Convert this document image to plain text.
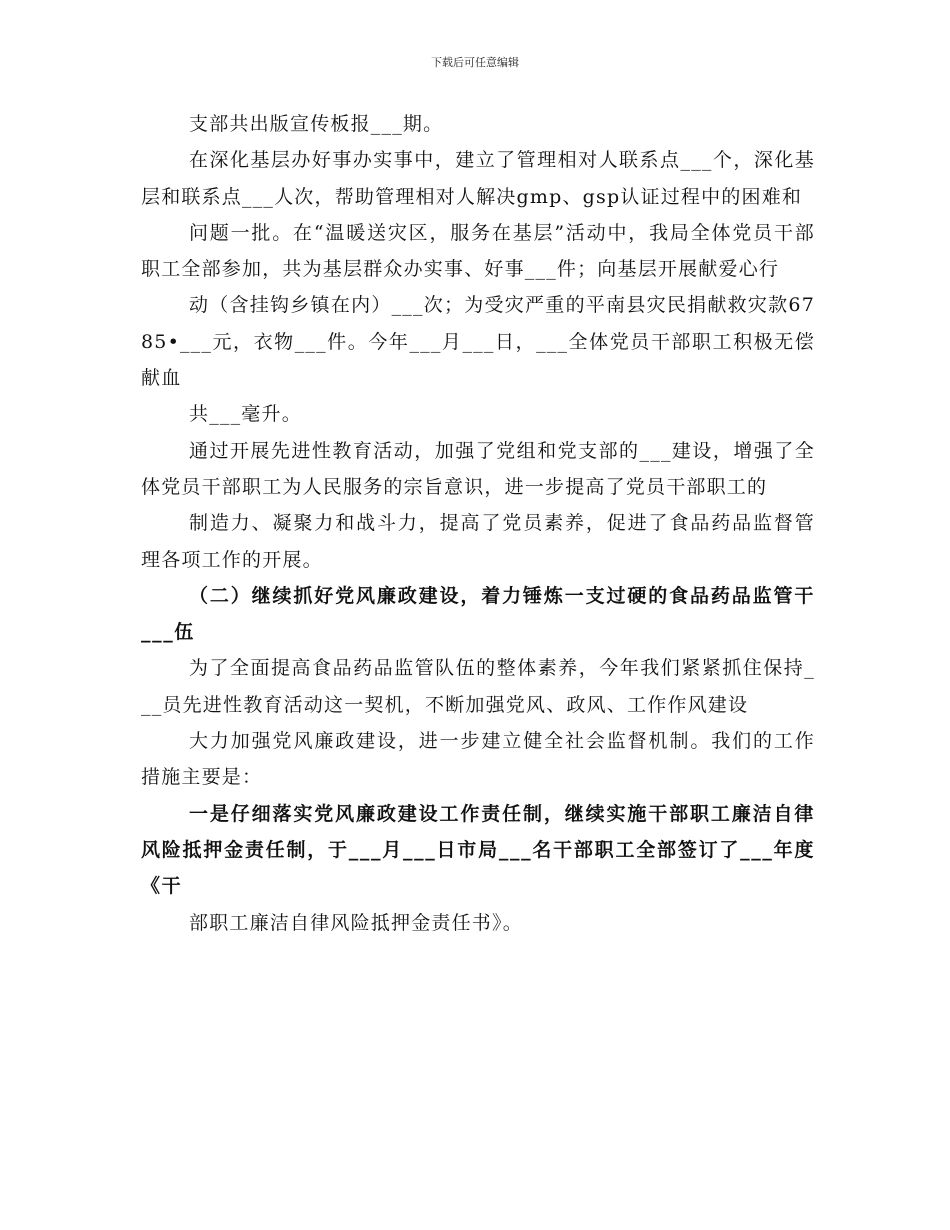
下载后可任意编辑

支部共出版宣传板报___期。

在深化基层办好事办实事中，建立了管理相对人联系点___个，深化基层和联系点___人次，帮助管理相对人解决gmp、gsp认证过程中的困难和

问题一批。在“温暖送灾区，服务在基层”活动中，我局全体党员干部职工全部参加，共为基层群众办实事、好事___件；向基层开展献爱心行

动（含挂钩乡镇在内）___次；为受灾严重的平南县灾民捐献救灾款6785•___元，衣物___件。今年___月___日，___全体党员干部职工积极无偿献血

共___毫升。

通过开展先进性教育活动，加强了党组和党支部的___建设，增强了全体党员干部职工为人民服务的宗旨意识，进一步提高了党员干部职工的

制造力、凝聚力和战斗力，提高了党员素养，促进了食品药品监督管理各项工作的开展。

（二）继续抓好党风廉政建设，着力锤炼一支过硬的食品药品监管干___伍

为了全面提高食品药品监管队伍的整体素养，今年我们紧紧抓住保持___员先进性教育活动这一契机，不断加强党风、政风、工作作风建设

大力加强党风廉政建设，进一步建立健全社会监督机制。我们的工作措施主要是：

一是仔细落实党风廉政建设工作责任制，继续实施干部职工廉洁自律风险抵押金责任制，于___月___日市局___名干部职工全部签订了___年度《干

部职工廉洁自律风险抵押金责任书》。
